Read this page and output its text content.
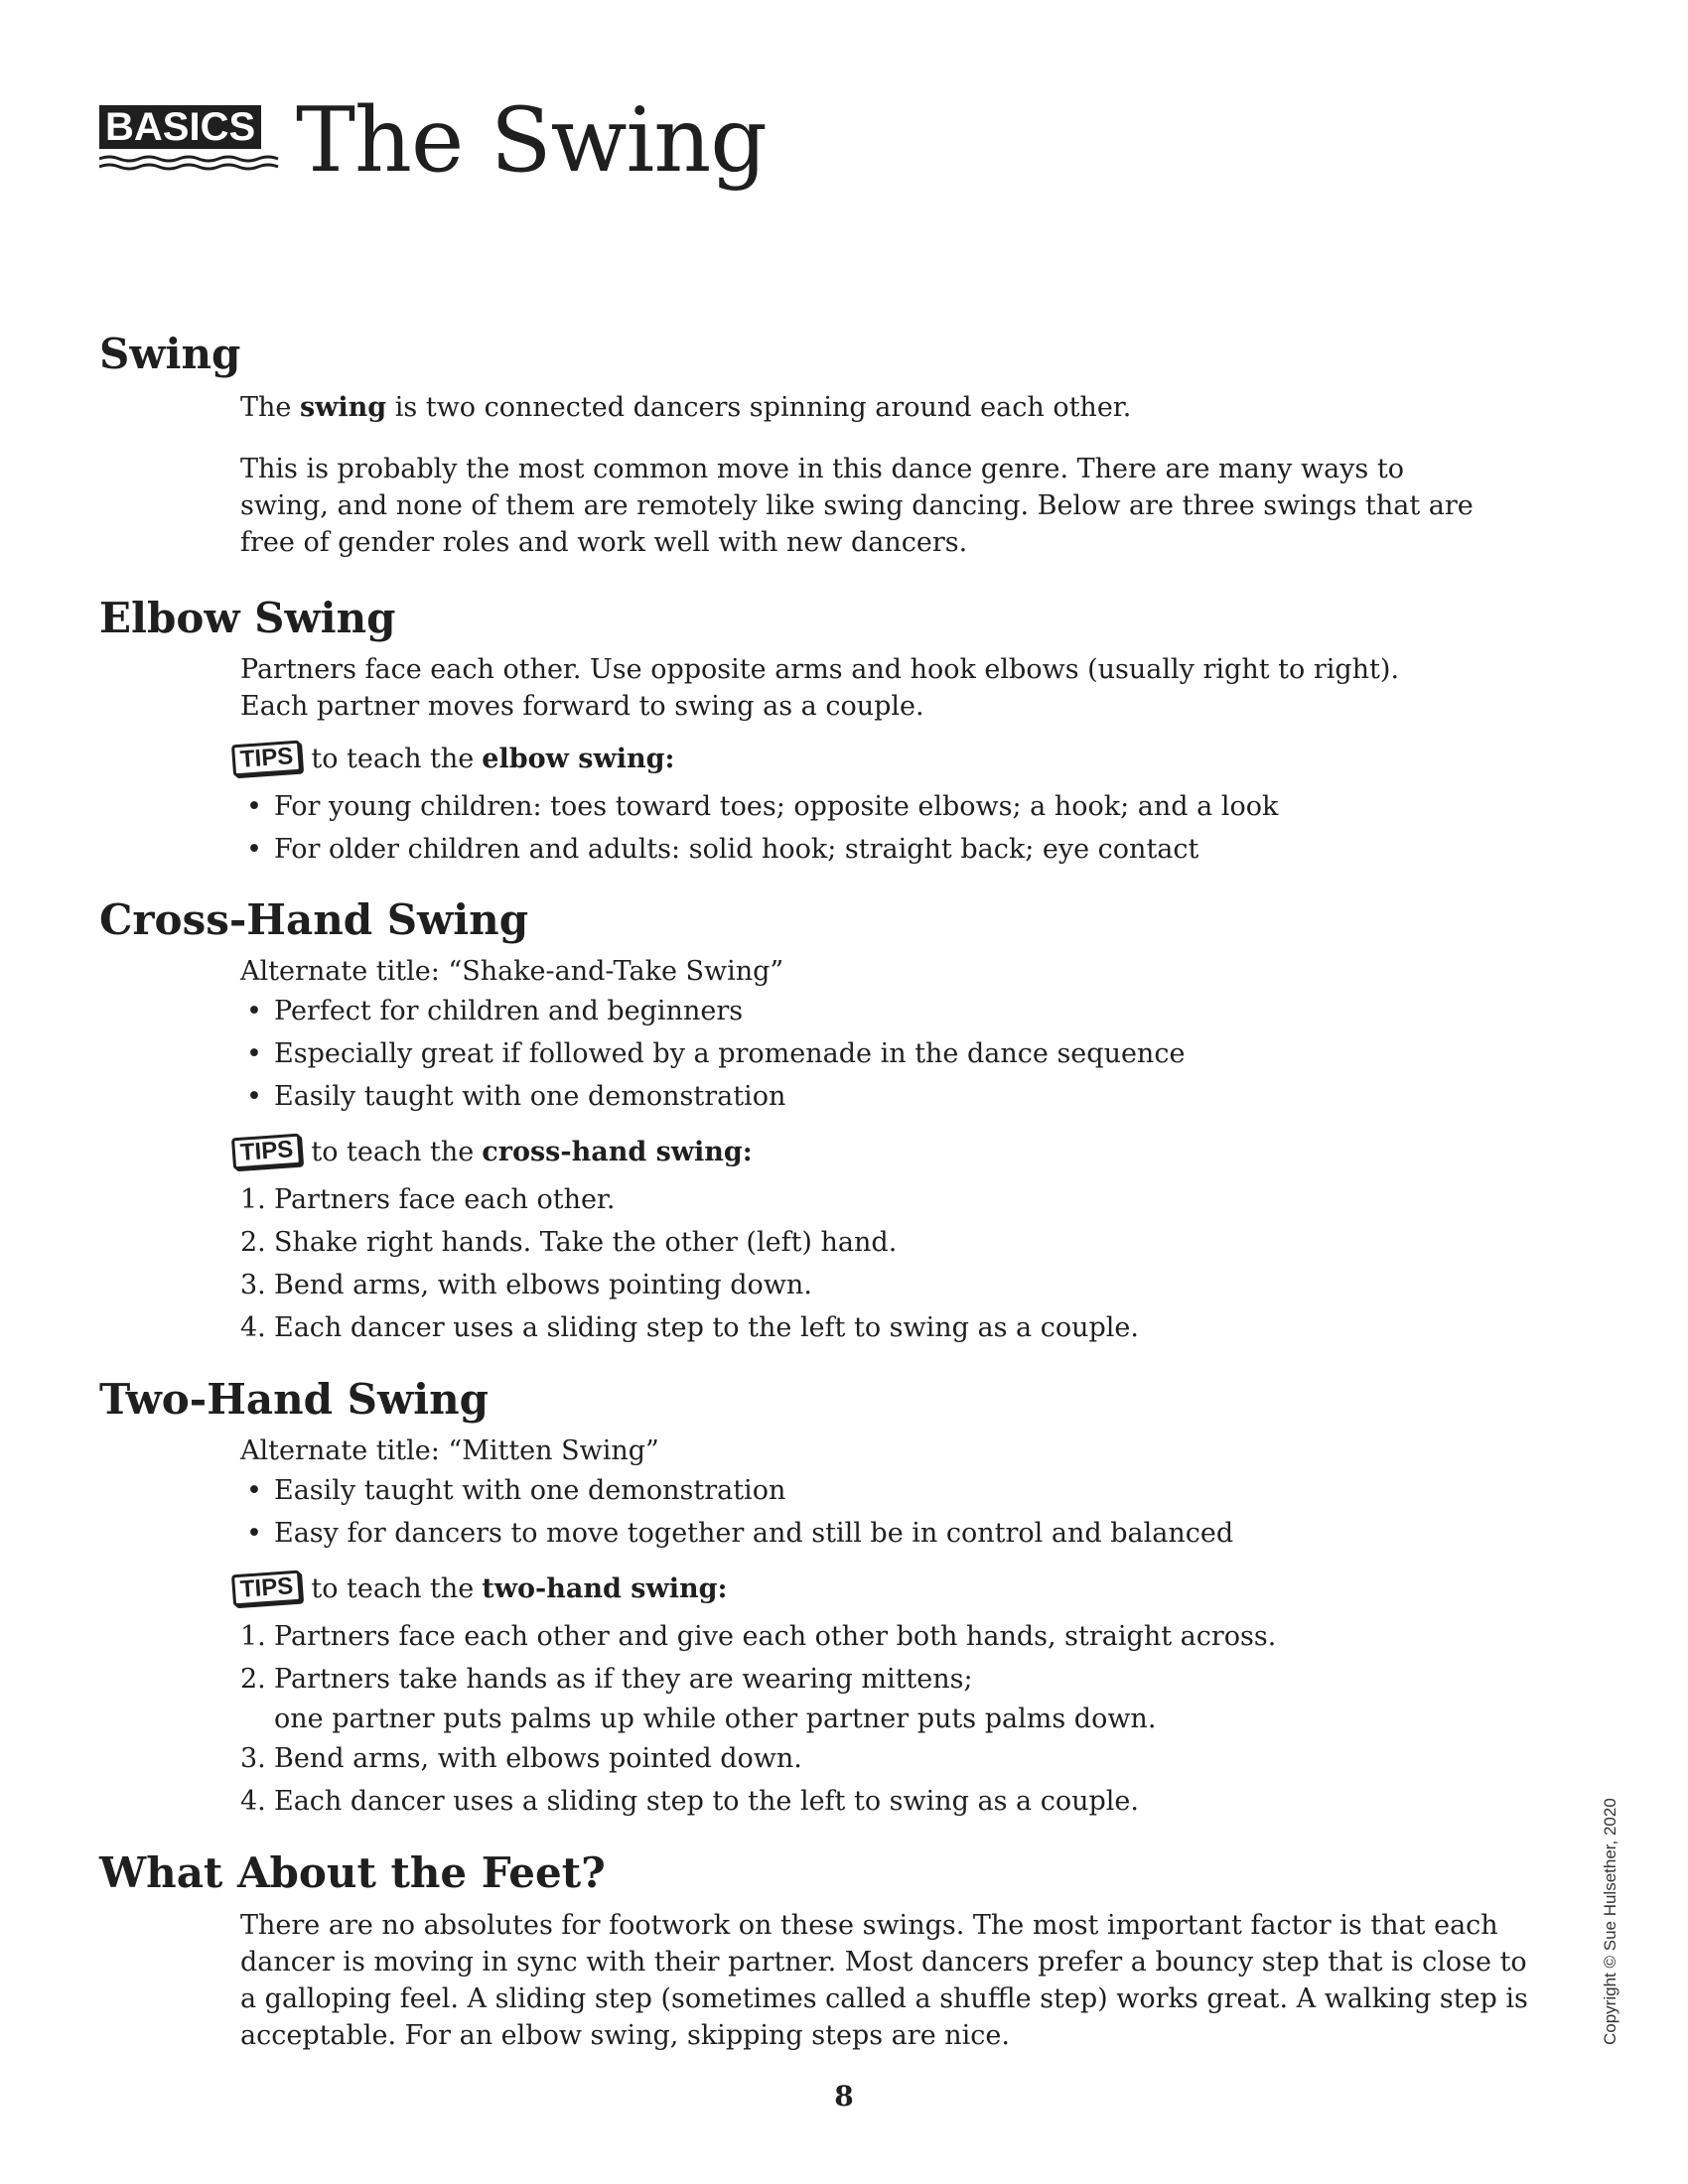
BASICS The Swing
Swing

The swing is two connected dancers spinning around each other.

This is probably the most common move in this dance genre. There are many ways to
swing, and none of them are remotely like swing dancing. Below are three swings that are
free of gender roles and work well with new dancers.

Elbow Swing

Partners face each other. Use opposite arms and hook elbows (usually right to right).
Each partner moves forward to swing as a couple.

TIPS to teach the elbow swing:
• For young children: toes toward toes; opposite elbows; a hook; and a look
• For older children and adults: solid hook; straight back; eye contact
Cross-Hand Swing

Alternate title: “Shake-and-Take Swing”

• Perfect for children and beginners
• Especially great if followed by a promenade in the dance sequence
• Easily taught with one demonstration
TIPS to teach the cross-hand swing:
1. Partners face each other.
2. Shake right hands. Take the other (left) hand.
3. Bend arms, with elbows pointing down.
4. Each dancer uses a sliding step to the left to swing as a couple.
Two-Hand Swing

Alternate title: “Mitten Swing”

• Easily taught with one demonstration
• Easy for dancers to move together and still be in control and balanced
TIPS to teach the two-hand swing:
1. Partners face each other and give each other both hands, straight across.
2. Partners take hands as if they are wearing mittens;
one partner puts palms up while other partner puts palms down.
3. Bend arms, with elbows pointed down.
4. Each dancer uses a sliding step to the left to swing as a couple.
What About the Feet?

There are no absolutes for footwork on these swings. The most important factor is that each
dancer is moving in sync with their partner. Most dancers prefer a bouncy step that is close to
a galloping feel. A sliding step (sometimes called a shuffle step) works great. A walking step is
acceptable. For an elbow swing, skipping steps are nice.

8
Copyright © Sue Hulsether, 2020
